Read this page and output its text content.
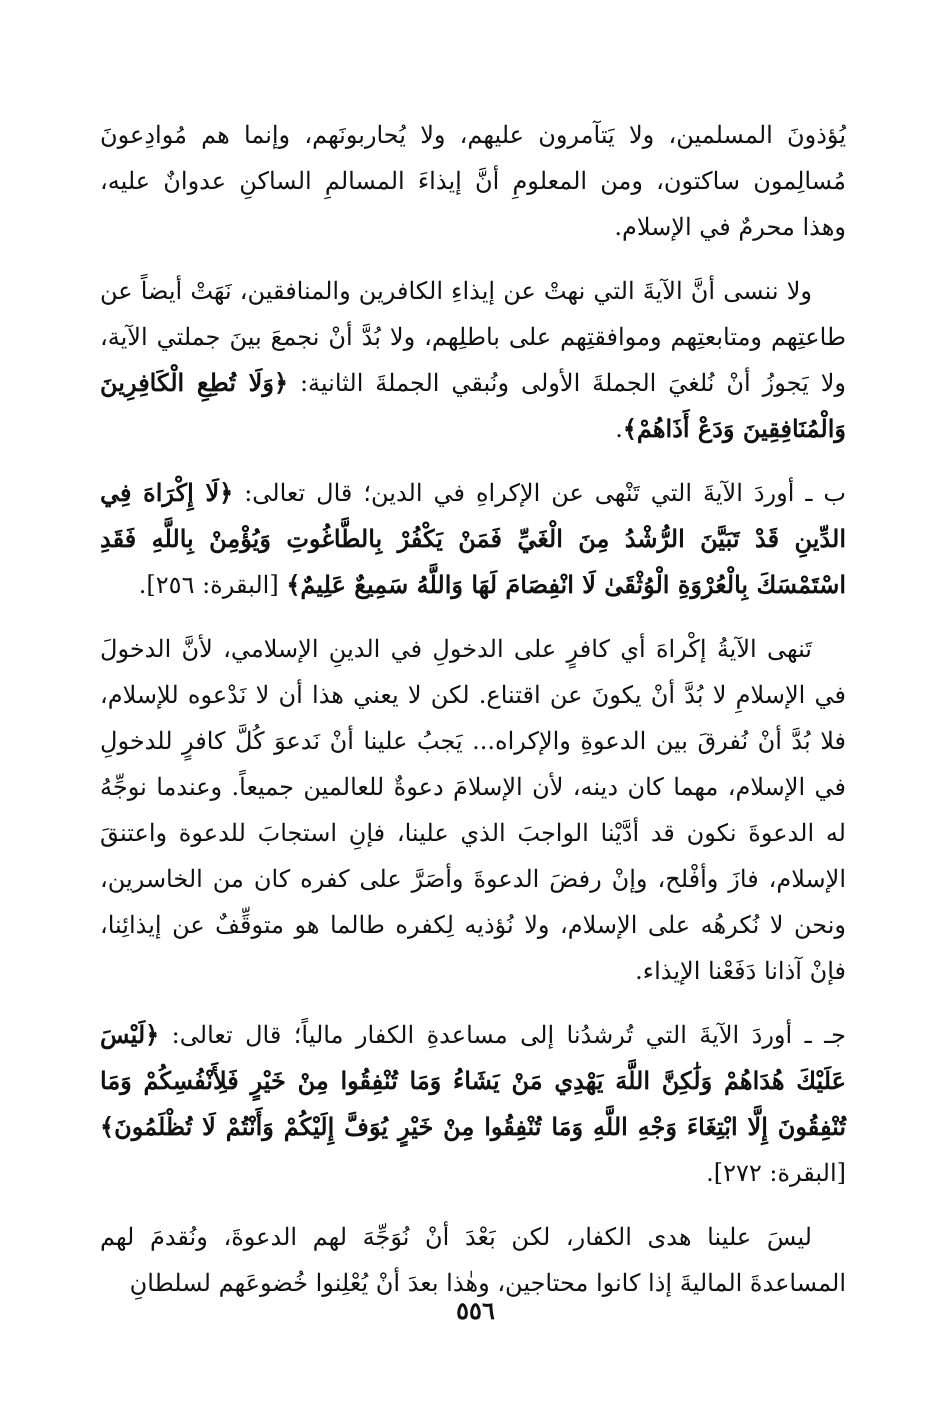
يُؤذونَ المسلمين، ولا يَتآمرون عليهم، ولا يُحاربونَهم، وإنما هم مُوادِعونَ مُسالِمون ساكتون، ومن المعلومِ أنَّ إيذاءَ المسالمِ الساكنِ عدوانٌ عليه، وهذا محرمٌ في الإسلام.

ولا ننسى أنَّ الآيةَ التي نهتْ عن إيذاءِ الكافرين والمنافقين، نَهَتْ أيضاً عن طاعتِهم ومتابعتِهم وموافقتِهم على باطلِهم، ولا بُدَّ أنْ نجمعَ بينَ جملتي الآية، ولا يَجوزُ أنْ نُلغيَ الجملةَ الأولى ونُبقي الجملةَ الثانية: ﴿وَلَا تُطِعِ الْكَافِرِينَ وَالْمُنَافِقِينَ وَدَعْ أَذَاهُمْ﴾.

ب ـ أوردَ الآيةَ التي تَنْهى عن الإكراهِ في الدين؛ قال تعالى: ﴿لَا إِكْرَاهَ فِي الدِّينِ قَدْ تَبَيَّنَ الرُّشْدُ مِنَ الْغَيِّ فَمَنْ يَكْفُرْ بِالطَّاغُوتِ وَيُؤْمِنْ بِاللَّهِ فَقَدِ اسْتَمْسَكَ بِالْعُرْوَةِ الْوُثْقَىٰ لَا انْفِصَامَ لَهَا وَاللَّهُ سَمِيعٌ عَلِيمٌ﴾ [البقرة: ٢٥٦].

تَنهى الآيةُ إكْراهَ أي كافرٍ على الدخولِ في الدينِ الإسلامي، لأنَّ الدخولَ في الإسلامِ لا بُدَّ أنْ يكونَ عن اقتناع. لكن لا يعني هذا أن لا نَدْعوه للإسلام، فلا بُدَّ أنْ نُفرقَ بين الدعوةِ والإكراه... يَجبُ علينا أنْ نَدعوَ كُلَّ كافرٍ للدخولِ في الإسلام، مهما كان دينه، لأن الإسلامَ دعوةٌ للعالمين جميعاً. وعندما نوجِّهُ له الدعوةَ نكون قد أدَّيْنا الواجبَ الذي علينا، فإنِ استجابَ للدعوة واعتنقَ الإسلام، فازَ وأفْلح، وإنْ رفضَ الدعوةَ وأصَرَّ على كفره كان من الخاسرين، ونحن لا نُكرهُه على الإسلام، ولا نُؤذيه لِكفره طالما هو متوقِّفٌ عن إيذائِنا، فإنْ آذانا دَفَعْنا الإيذاء.

جـ ـ أوردَ الآيةَ التي تُرشدُنا إلى مساعدةِ الكفار مالياً؛ قال تعالى: ﴿لَيْسَ عَلَيْكَ هُدَاهُمْ وَلَٰكِنَّ اللَّهَ يَهْدِي مَنْ يَشَاءُ وَمَا تُنْفِقُوا مِنْ خَيْرٍ فَلِأَنْفُسِكُمْ وَمَا تُنْفِقُونَ إِلَّا ابْتِغَاءَ وَجْهِ اللَّهِ وَمَا تُنْفِقُوا مِنْ خَيْرٍ يُوَفَّ إِلَيْكُمْ وَأَنْتُمْ لَا تُظْلَمُونَ﴾ [البقرة: ٢٧٢].

ليسَ علينا هدى الكفار، لكن بَعْدَ أنْ نُوَجِّهَ لهم الدعوةَ، ونُقدمَ لهم المساعدةَ الماليةَ إذا كانوا محتاجين، وهٰذا بعدَ أنْ يُعْلِنوا خُضوعَهم لسلطانِ

٥٥٦
